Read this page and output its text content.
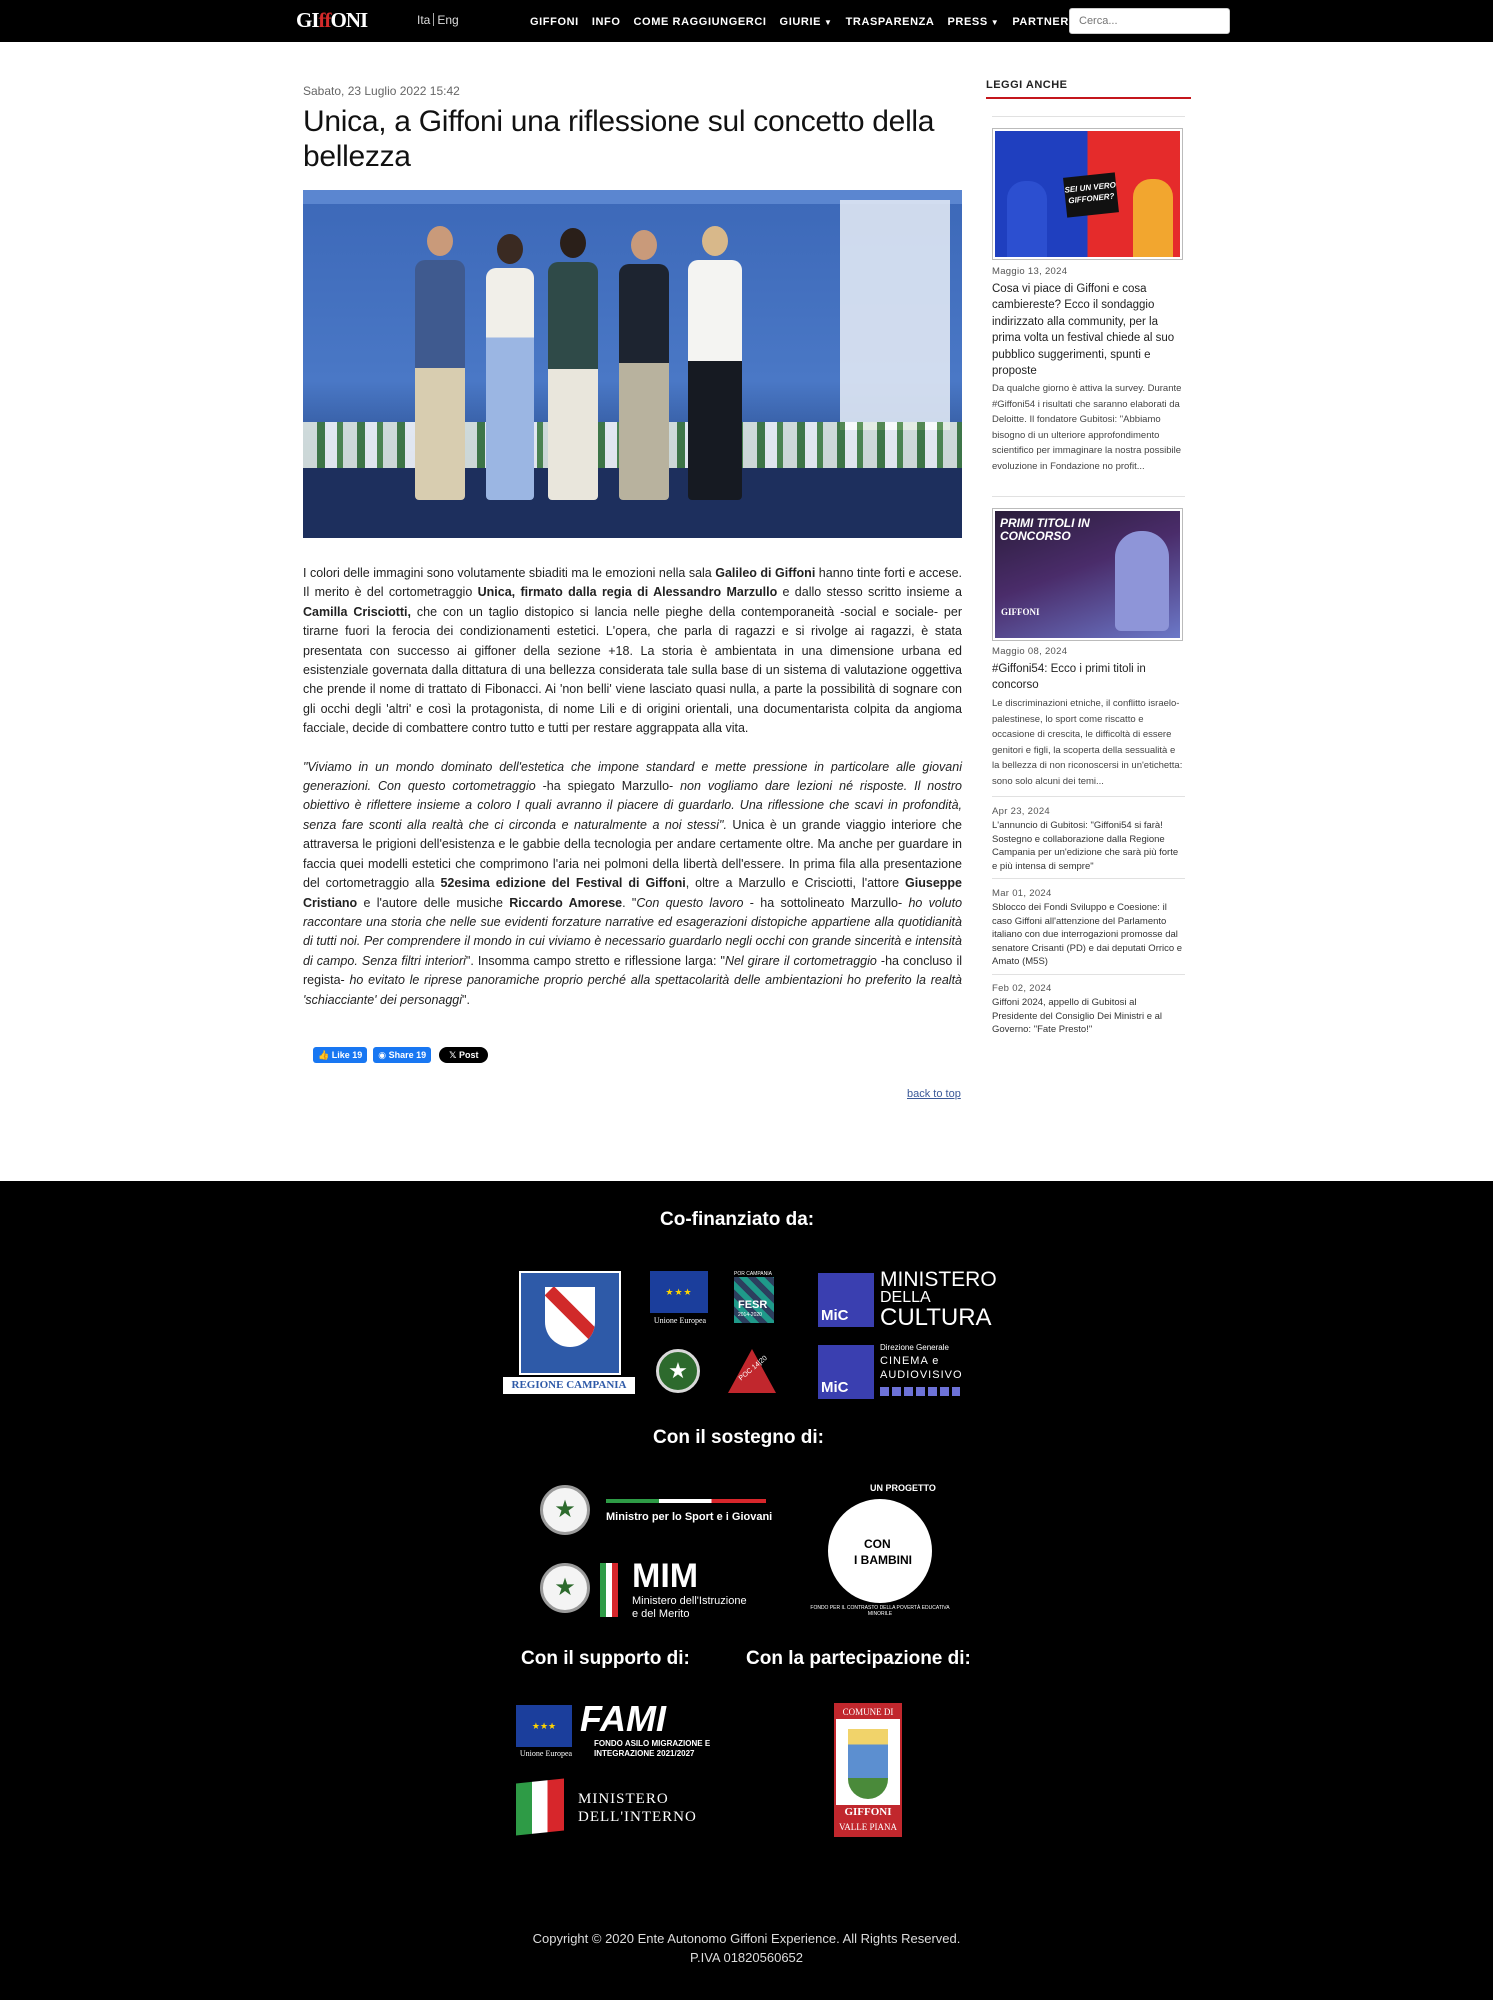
GIffONI	Ita Eng	GIFFONI INFO COME RAGGIUNGERCI GIURIE ▼ TRASPARENZA PRESS ▼ PARTNER
Cerca...
Sabato, 23 Luglio 2022 15:42
Unica, a Giffoni una riflessione sul concetto della bellezza

I colori delle immagini sono volutamente sbiaditi ma le emozioni nella sala Galileo di Giffoni hanno tinte forti e accese. Il merito è del cortometraggio Unica, firmato dalla regia di Alessandro Marzullo e dallo stesso scritto insieme a Camilla Crisciotti, che con un taglio distopico si lancia nelle pieghe della contemporaneità -social e sociale- per tirarne fuori la ferocia dei condizionamenti estetici. L'opera, che parla di ragazzi e si rivolge ai ragazzi, è stata presentata con successo ai giffoner della sezione +18. La storia è ambientata in una dimensione urbana ed esistenziale governata dalla dittatura di una bellezza considerata tale sulla base di un sistema di valutazione oggettiva che prende il nome di trattato di Fibonacci. Ai 'non belli' viene lasciato quasi nulla, a parte la possibilità di sognare con gli occhi degli 'altri' e così la protagonista, di nome Lili e di origini orientali, una documentarista colpita da angioma facciale, decide di combattere contro tutto e tutti per restare aggrappata alla vita.

"Viviamo in un mondo dominato dell'estetica che impone standard e mette pressione in particolare alle giovani generazioni. Con questo cortometraggio -ha spiegato Marzullo- non vogliamo dare lezioni né risposte. Il nostro obiettivo è riflettere insieme a coloro I quali avranno il piacere di guardarlo. Una riflessione che scavi in profondità, senza fare sconti alla realtà che ci circonda e naturalmente a noi stessi". Unica è un grande viaggio interiore che attraversa le prigioni dell'esistenza e le gabbie della tecnologia per andare certamente oltre. Ma anche per guardare in faccia quei modelli estetici che comprimono l'aria nei polmoni della libertà dell'essere. In prima fila alla presentazione del cortometraggio alla 52esima edizione del Festival di Giffoni, oltre a Marzullo e Crisciotti, l'attore Giuseppe Cristiano e l'autore delle musiche Riccardo Amorese. "Con questo lavoro - ha sottolineato Marzullo- ho voluto raccontare una storia che nelle sue evidenti forzature narrative ed esagerazioni distopiche appartiene alla quotidianità di tutti noi. Per comprendere il mondo in cui viviamo è necessario guardarlo negli occhi con grande sincerità e intensità di campo. Senza filtri interiori". Insomma campo stretto e riflessione larga: "Nel girare il cortometraggio -ha concluso il regista- ho evitato le riprese panoramiche proprio perché alla spettacolarità delle ambientazioni ho preferito la realtà 'schiacciante' dei personaggi".

👍 Like 19	◉ Share 19	𝕏 Post
back to top
LEGGI ANCHE
SEI UN VERO GIFFONER?
Maggio 13, 2024
Cosa vi piace di Giffoni e cosa cambiereste? Ecco il sondaggio indirizzato alla community, per la prima volta un festival chiede al suo pubblico suggerimenti, spunti e proposte
Da qualche giorno è attiva la survey. Durante #Giffoni54 i risultati che saranno elaborati da Deloitte. Il fondatore Gubitosi: "Abbiamo bisogno di un ulteriore approfondimento scientifico per immaginare la nostra possibile evoluzione in Fondazione no profit...
PRIMI TITOLI IN CONCORSO
GIFFONI
Maggio 08, 2024
#Giffoni54: Ecco i primi titoli in concorso
Le discriminazioni etniche, il conflitto israelo-palestinese, lo sport come riscatto e occasione di crescita, le difficoltà di essere genitori e figli, la scoperta della sessualità e la bellezza di non riconoscersi in un'etichetta: sono solo alcuni dei temi...
Apr 23, 2024
L'annuncio di Gubitosi: "Giffoni54 si farà! Sostegno e collaborazione dalla Regione Campania per un'edizione che sarà più forte e più intensa di sempre"
Mar 01, 2024
Sblocco dei Fondi Sviluppo e Coesione: il caso Giffoni all'attenzione del Parlamento italiano con due interrogazioni promosse dal senatore Crisanti (PD) e dai deputati Orrico e Amato (M5S)
Feb 02, 2024
Giffoni 2024, appello di Gubitosi al Presidente del Consiglio Dei Ministri e al Governo: "Fate Presto!"
Co-finanziato da:
REGIONE CAMPANIA
★★★
Unione Europea
POR CAMPANIA
FESR
2014-2020
★	POC 14|20
MiC
MINISTERO
DELLA
CULTURA
MiC
Direzione Generale
CINEMA e
AUDIOVISIVO
Con il sostegno di:
★	Ministro per lo Sport e i Giovani
★	MIM
Ministero dell'Istruzione
e del Merito
UN PROGETTO
CON
I BAMBINI
FONDO PER IL CONTRASTO DELLA POVERTÀ EDUCATIVA MINORILE
Con il supporto di:	Con la partecipazione di:
★★★
Unione Europea
FAMI
FONDO ASILO MIGRAZIONE E
INTEGRAZIONE 2021/2027
MINISTERO
DELL'INTERNO
COMUNE DI
GIFFONI
VALLE PIANA
Copyright © 2020 Ente Autonomo Giffoni Experience. All Rights Reserved.
P.IVA 01820560652
